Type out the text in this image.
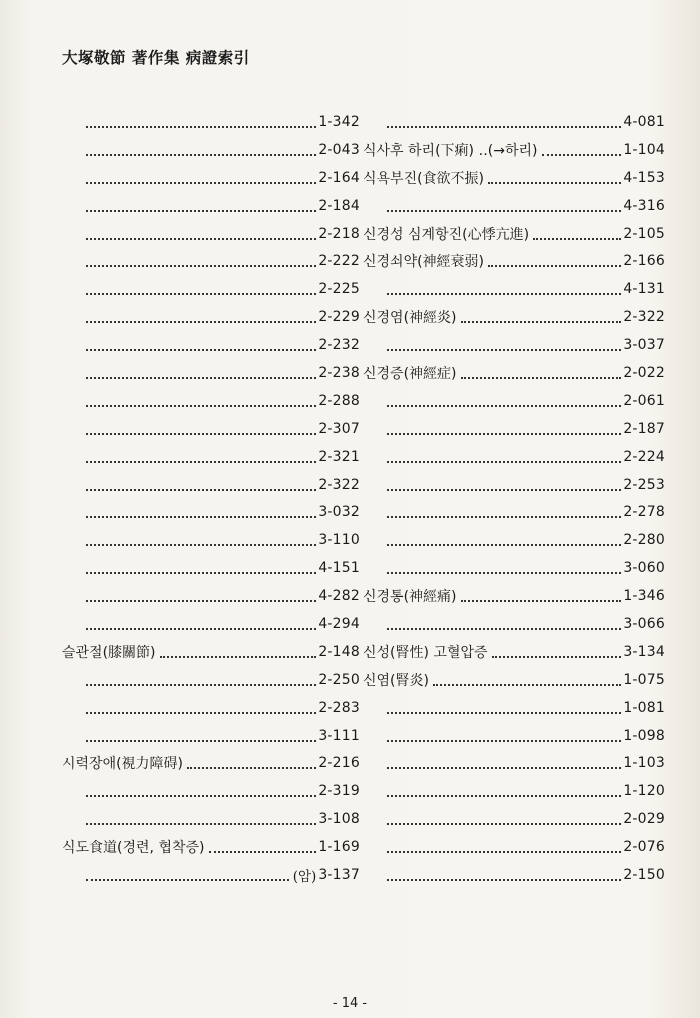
大塚敬節 著作集 病證索引
1-342
2-043
2-164
2-184
2-218
2-222
2-225
2-229
2-232
2-238
2-288
2-307
2-321
2-322
3-032
3-110
4-151
4-282
4-294
슬관절(膝關節)	2-148
2-250
2-283
3-111
시력장애(視力障碍)	2-216
2-319
3-108
식도食道(경련, 협착증)	1-169
(암) 3-137
4-081
식사후 하리(下痢) ‥(→하리)	1-104
식욕부진(食欲不振)	4-153
4-316
신경성 심계항진(心悸亢進)	2-105
신경쇠약(神經衰弱)	2-166
4-131
신경염(神經炎)	2-322
3-037
신경증(神經症)	2-022
2-061
2-187
2-224
2-253
2-278
2-280
3-060
신경통(神經痛)	1-346
3-066
신성(腎性) 고혈압증	3-134
신염(腎炎)	1-075
1-081
1-098
1-103
1-120
2-029
2-076
2-150
- 14 -
